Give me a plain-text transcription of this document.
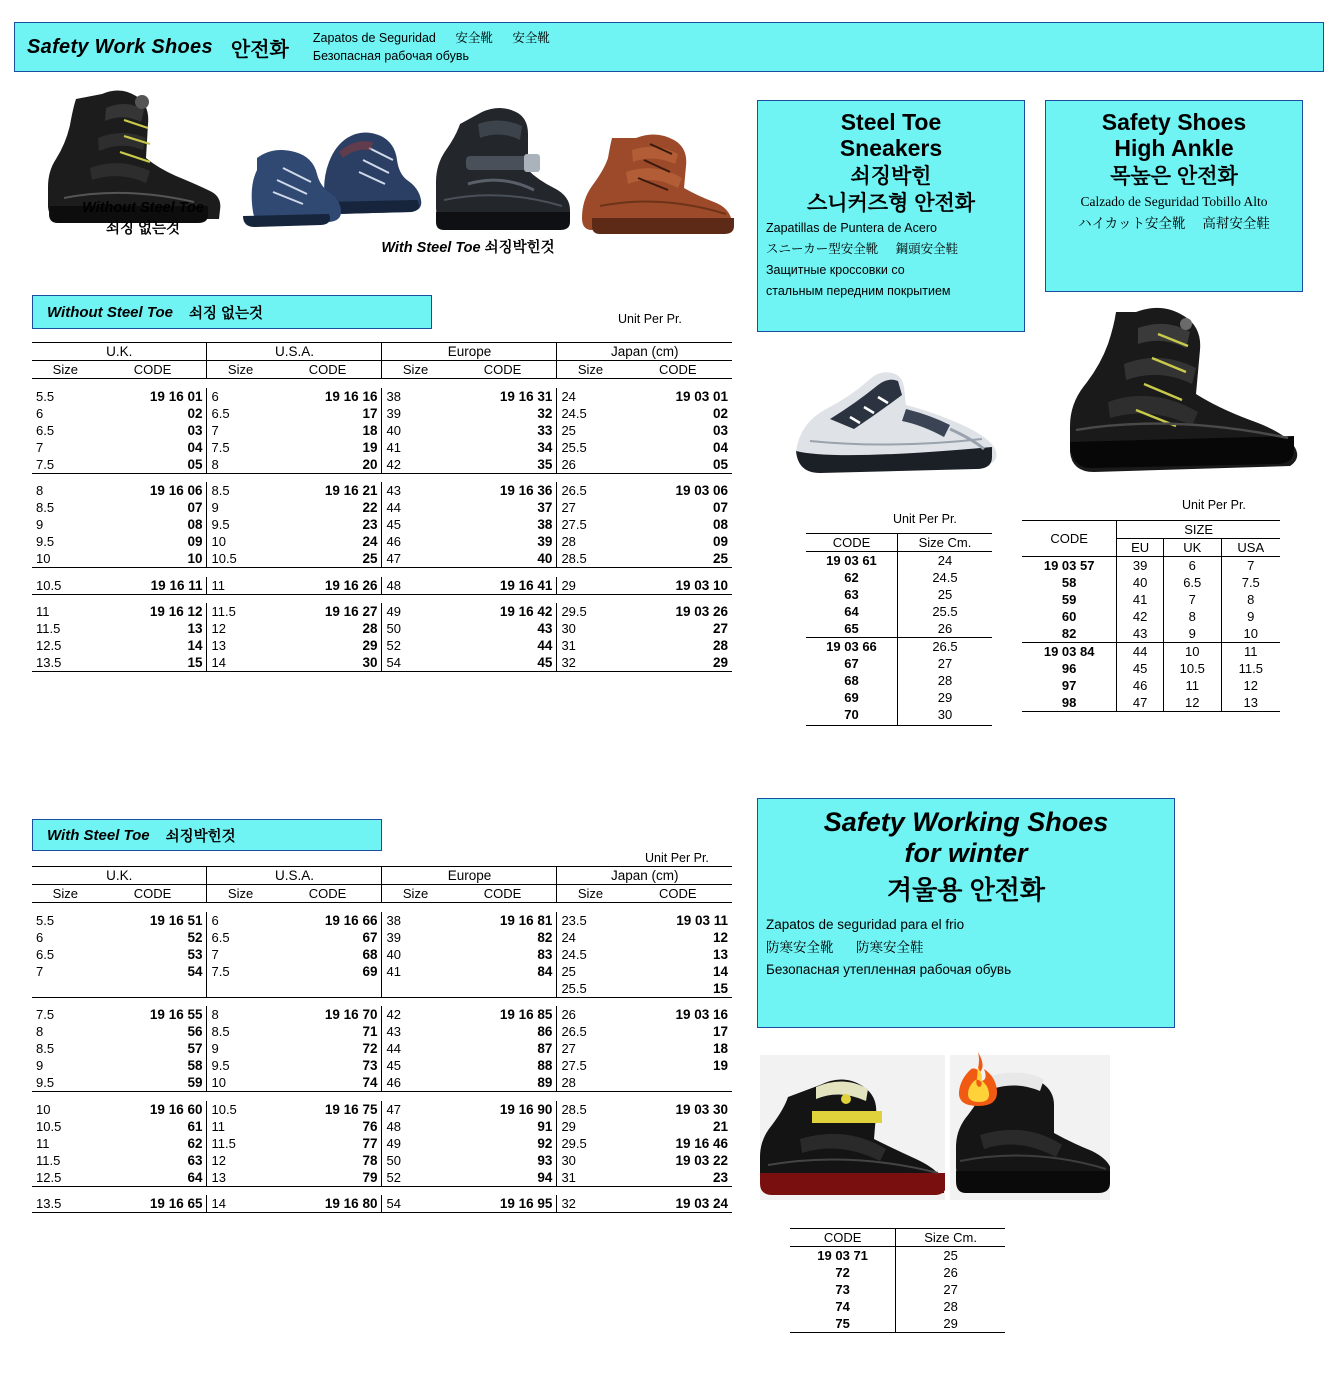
Safety Work Shoes 안전화
Zapatos de Seguridad 安全靴 安全靴
Безопасная рабочая обувь
Without Steel Toe
쇠징 없는것
With Steel Toe 쇠징박힌것
Without Steel Toe 쇠징 없는것	Unit Per Pr.
U.K.		U.S.A.		Europe		Japan (cm)	
Size	CODE	Size	CODE	Size	CODE	Size	CODE

5.5	19 16 01	6	19 16 16	38	19 16 31	24	19 03 01
6	02	6.5	17	39	32	24.5	02
6.5	03	7	18	40	33	25	03
7	04	7.5	19	41	34	25.5	04
7.5	05	8	20	42	35	26	05

8	19 16 06	8.5	19 16 21	43	19 16 36	26.5	19 03 06
8.5	07	9	22	44	37	27	07
9	08	9.5	23	45	38	27.5	08
9.5	09	10	24	46	39	28	09
10	10	10.5	25	47	40	28.5	25

10.5	19 16 11	11	19 16 26	48	19 16 41	29	19 03 10

11	19 16 12	11.5	19 16 27	49	19 16 42	29.5	19 03 26
11.5	13	12	28	50	43	30	27
12.5	14	13	29	52	44	31	28
13.5	15	14	30	54	45	32	29
With Steel Toe 쇠징박힌것
Unit Per Pr.
U.K.		U.S.A.		Europe		Japan (cm)	
Size	CODE	Size	CODE	Size	CODE	Size	CODE

5.5	19 16 51	6	19 16 66	38	19 16 81	23.5	19 03 11
6	52	6.5	67	39	82	24	12
6.5	53	7	68	40	83	24.5	13
7	54	7.5	69	41	84	25	14
						25.5	15

7.5	19 16 55	8	19 16 70	42	19 16 85	26	19 03 16
8	56	8.5	71	43	86	26.5	17
8.5	57	9	72	44	87	27	18
9	58	9.5	73	45	88	27.5	19
9.5	59	10	74	46	89	28	

10	19 16 60	10.5	19 16 75	47	19 16 90	28.5	19 03 30
10.5	61	11	76	48	91	29	21
11	62	11.5	77	49	92	29.5	19 16 46
11.5	63	12	78	50	93	30	19 03 22
12.5	64	13	79	52	94	31	23

13.5	19 16 65	14	19 16 80	54	19 16 95	32	19 03 24
Steel Toe
Sneakers
쇠징박힌
스니커즈형 안전화
Zapatillas de Puntera de Acero
スニーカー型安全靴 鋼頭安全鞋
Защитные кроссовки со
стальным передним покрытием
Unit Per Pr.
CODE	Size Cm.
19 03 61	24
62	24.5
63	25
64	25.5
65	26
19 03 66	26.5
67	27
68	28
69	29
70	30

Safety Shoes
High Ankle
목높은 안전화
Calzado de Seguridad Tobillo Alto
ハイカット安全靴 高幇安全鞋
Unit Per Pr.
CODE	SIZE		
	EU	UK	USA
19 03 57	39	6	7
58	40	6.5	7.5
59	41	7	8
60	42	8	9
82	43	9	10
19 03 84	44	10	11
96	45	10.5	11.5
97	46	11	12
98	47	12	13
Safety Working Shoes
for winter
겨울용 안전화
Zapatos de seguridad para el frio
防寒安全靴 防寒安全鞋
Безопасная утепленная рабочая обувь
CODE	Size Cm.
19 03 71	25
72	26
73	27
74	28
75	29
